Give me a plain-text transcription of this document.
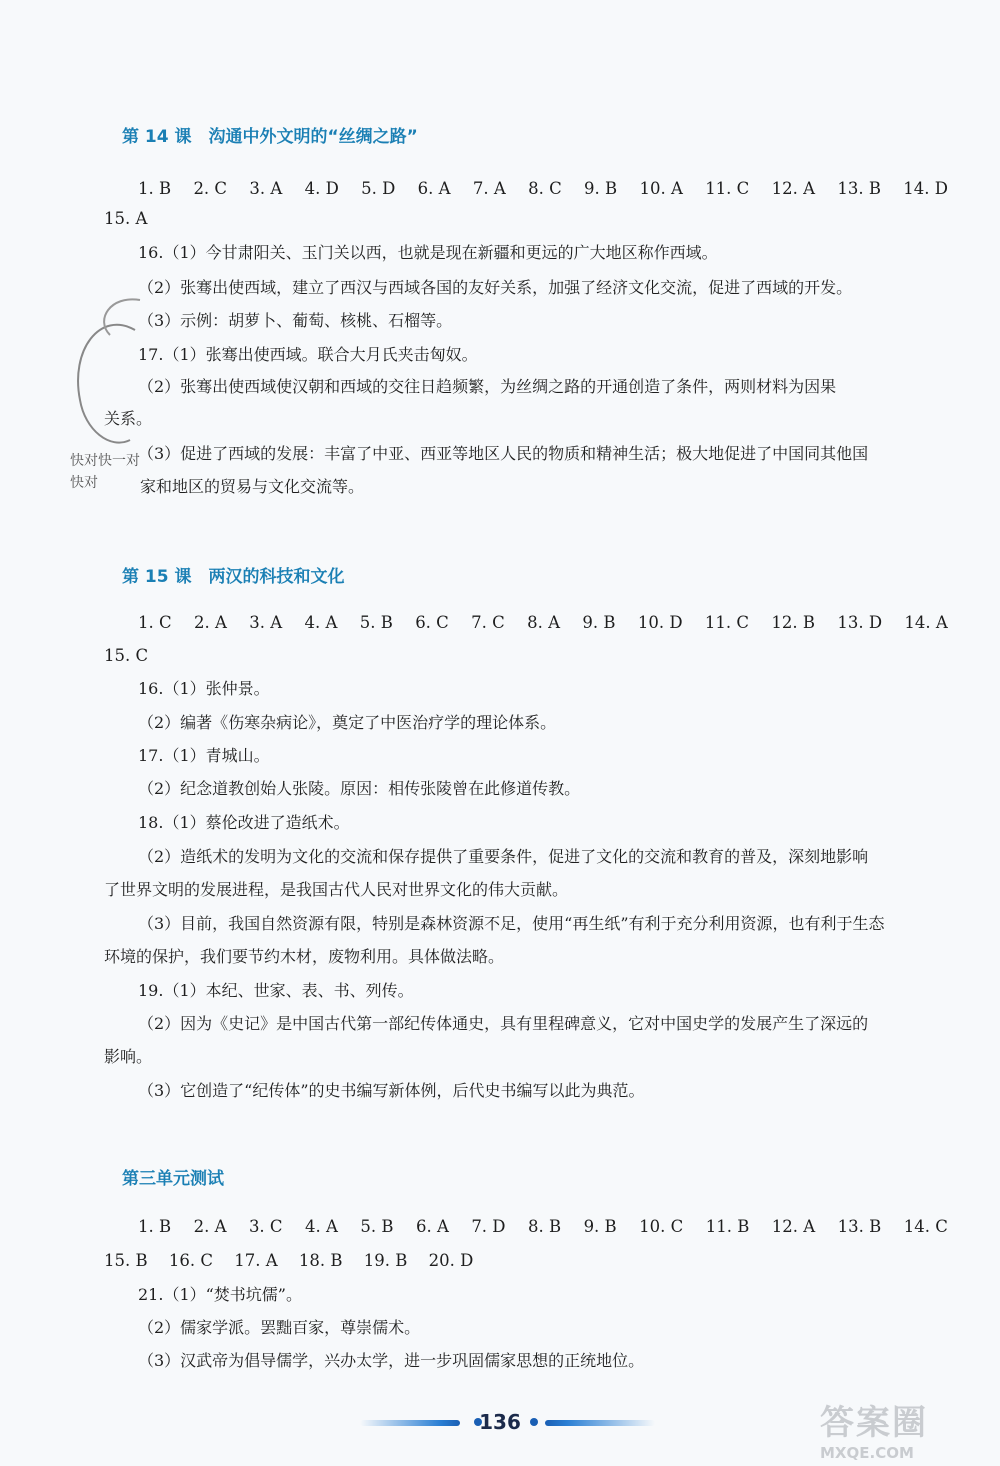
第 14 课　沟通中外文明的“丝绸之路”
1. B 2. C 3. A 4. D 5. D 6. A 7. A 8. C 9. B 10. A 11. C 12. A 13. B 14. D
15. A
16.（1）今甘肃阳关、玉门关以西，也就是现在新疆和更远的广大地区称作西域。
（2）张骞出使西域，建立了西汉与西域各国的友好关系，加强了经济文化交流，促进了西域的开发。
（3）示例：胡萝卜、葡萄、核桃、石榴等。
17.（1）张骞出使西域。联合大月氏夹击匈奴。
（2）张骞出使西域使汉朝和西域的交往日趋频繁，为丝绸之路的开通创造了条件，两则材料为因果
关系。
（3）促进了西域的发展：丰富了中亚、西亚等地区人民的物质和精神生活；极大地促进了中国同其他国
家和地区的贸易与文化交流等。
快对快一对
快对
第 15 课　两汉的科技和文化
1. C 2. A 3. A 4. A 5. B 6. C 7. C 8. A 9. B 10. D 11. C 12. B 13. D 14. A
15. C
16.（1）张仲景。
（2）编著《伤寒杂病论》，奠定了中医治疗学的理论体系。
17.（1）青城山。
（2）纪念道教创始人张陵。原因：相传张陵曾在此修道传教。
18.（1）蔡伦改进了造纸术。
（2）造纸术的发明为文化的交流和保存提供了重要条件，促进了文化的交流和教育的普及，深刻地影响
了世界文明的发展进程，是我国古代人民对世界文化的伟大贡献。
（3）目前，我国自然资源有限，特别是森林资源不足，使用“再生纸”有利于充分利用资源，也有利于生态
环境的保护，我们要节约木材，废物利用。具体做法略。
19.（1）本纪、世家、表、书、列传。
（2）因为《史记》是中国古代第一部纪传体通史，具有里程碑意义，它对中国史学的发展产生了深远的
影响。
（3）它创造了“纪传体”的史书编写新体例，后代史书编写以此为典范。
第三单元测试
1. B 2. A 3. C 4. A 5. B 6. A 7. D 8. B 9. B 10. C 11. B 12. A 13. B 14. C
15. B 16. C 17. A 18. B 19. B 20. D
21.（1）“焚书坑儒”。
（2）儒家学派。罢黜百家，尊崇儒术。
（3）汉武帝为倡导儒学，兴办太学，进一步巩固儒家思想的正统地位。
136	答案圈
MXQE.COM
